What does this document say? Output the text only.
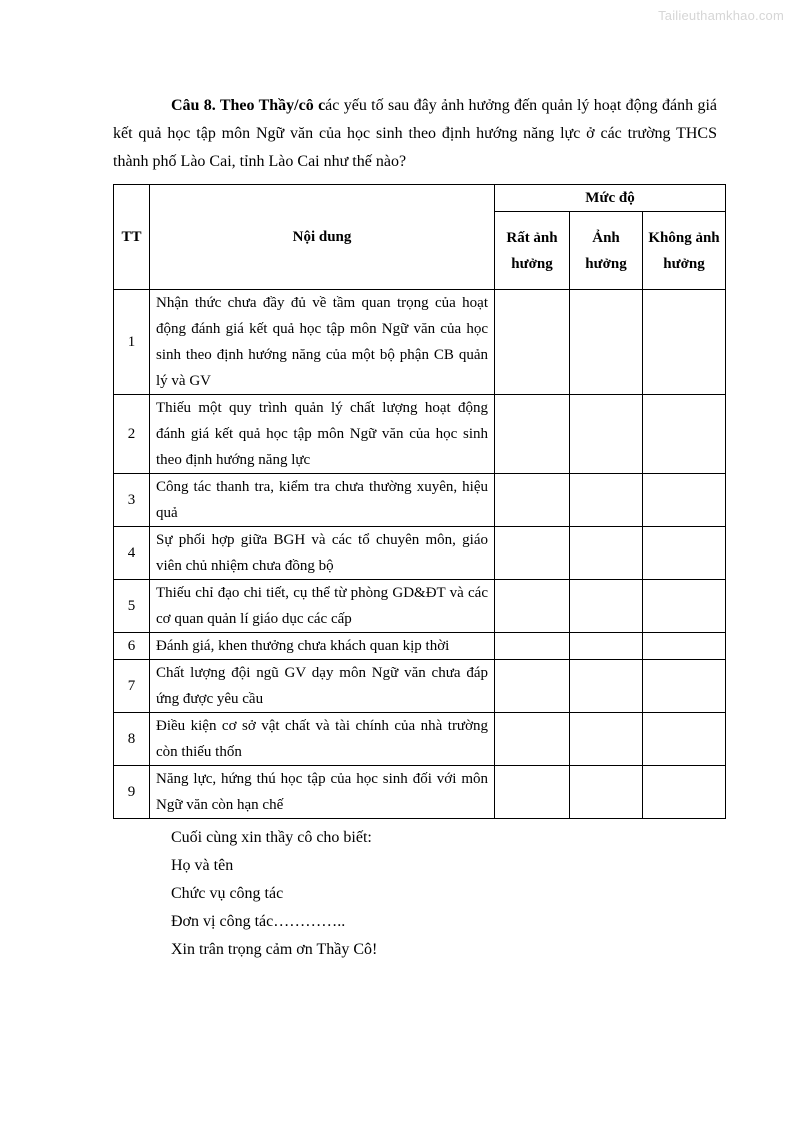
Tailieuthamkhao.com
Câu 8. Theo Thầy/cô các yếu tố sau đây ảnh hưởng đến quản lý hoạt động đánh giá kết quả học tập môn Ngữ văn của học sinh theo định hướng năng lực ở các trường THCS thành phố Lào Cai, tỉnh Lào Cai như thế nào?
TT	Nội dung	Mức độ		
		Rất ảnh hưởng	Ảnh hưởng	Không ảnh hưởng
1	Nhận thức chưa đầy đủ về tầm quan trọng của hoạt động đánh giá kết quả học tập môn Ngữ văn của học sinh theo định hướng năng của một bộ phận CB quản lý và GV			
2	Thiếu một quy trình quản lý chất lượng hoạt động đánh giá kết quả học tập môn Ngữ văn của học sinh theo định hướng năng lực			
3	Công tác thanh tra, kiểm tra chưa thường xuyên, hiệu quả			
4	Sự phối hợp giữa BGH và các tổ chuyên môn, giáo viên chủ nhiệm chưa đồng bộ			
5	Thiếu chỉ đạo chi tiết, cụ thể từ phòng GD&ĐT và các cơ quan quản lí giáo dục các cấp			
6	Đánh giá, khen thưởng chưa khách quan kịp thời			
7	Chất lượng đội ngũ GV dạy môn Ngữ văn chưa đáp ứng được yêu cầu			
8	Điều kiện cơ sở vật chất và tài chính của nhà trường còn thiếu thốn			
9	Năng lực, hứng thú học tập của học sinh đối với môn Ngữ văn còn hạn chế			
Cuối cùng xin thầy cô cho biết:
Họ và tên
Chức vụ công tác
Đơn vị công tác…………..
Xin trân trọng cảm ơn Thầy Cô!
